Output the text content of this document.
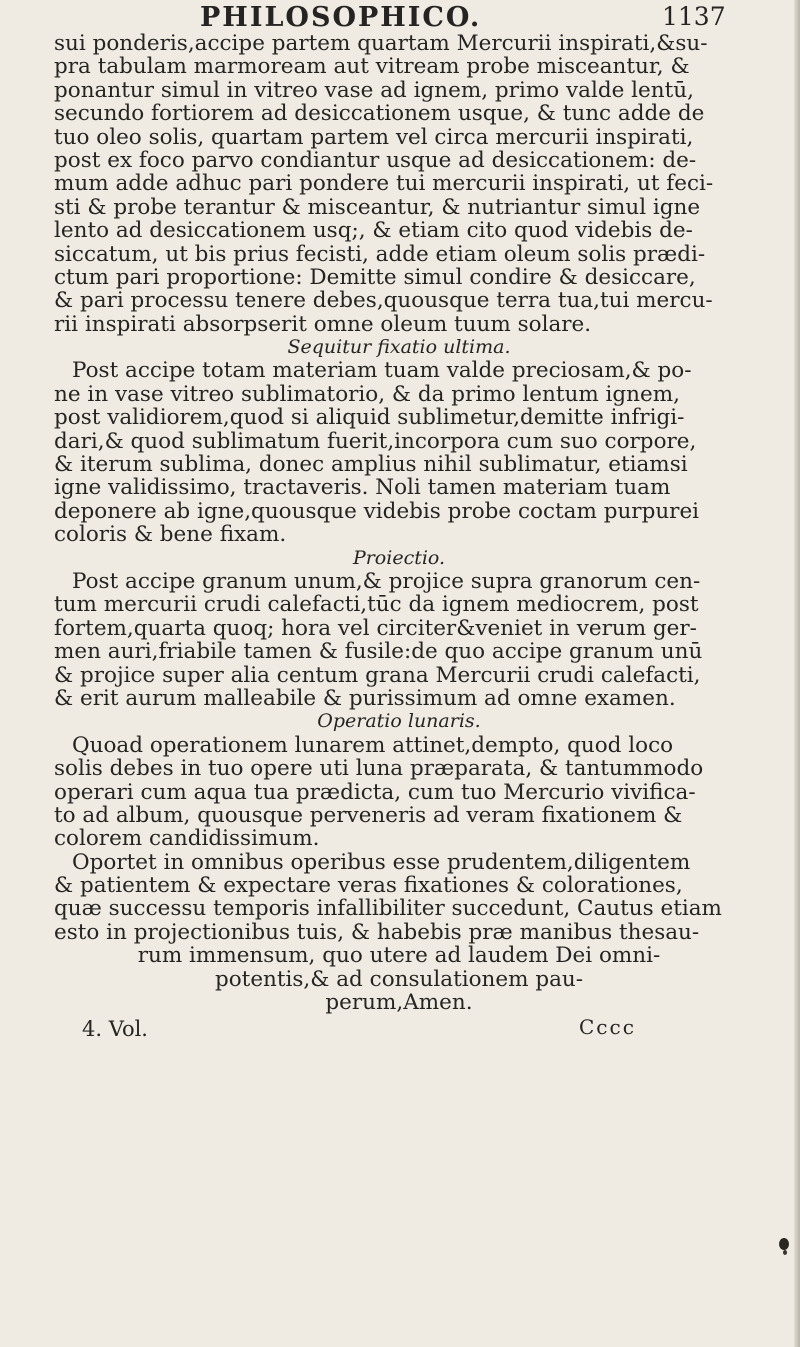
PHILOSOPHICO.	1137
sui ponderis,accipe partem quartam Mercurii inspirati,&su-
pra tabulam marmoream aut vitream probe misceantur, &
ponantur simul in vitreo vase ad ignem, primo valde lentū,
secundo fortiorem ad desiccationem usque, & tunc adde de
tuo oleo solis, quartam partem vel circa mercurii inspirati,
post ex foco parvo condiantur usque ad desiccationem: de-
mum adde adhuc pari pondere tui mercurii inspirati, ut feci-
sti & probe terantur & misceantur, & nutriantur simul igne
lento ad desiccationem usq;, & etiam cito quod videbis de-
siccatum, ut bis prius fecisti, adde etiam oleum solis prædi-
ctum pari proportione: Demitte simul condire & desiccare,
& pari processu tenere debes,quousque terra tua,tui mercu-
rii inspirati absorpserit omne oleum tuum solare.
Sequitur fixatio ultima.
Post accipe totam materiam tuam valde preciosam,& po-
ne in vase vitreo sublimatorio, & da primo lentum ignem,
post validiorem,quod si aliquid sublimetur,demitte infrigi-
dari,& quod sublimatum fuerit,incorpora cum suo corpore,
& iterum sublima, donec amplius nihil sublimatur, etiamsi
igne validissimo, tractaveris. Noli tamen materiam tuam
deponere ab igne,quousque videbis probe coctam purpurei
coloris & bene fixam.
Proiectio.
Post accipe granum unum,& projice supra granorum cen-
tum mercurii crudi calefacti,tūc da ignem mediocrem, post
fortem,quarta quoq; hora vel circiter&veniet in verum ger-
men auri,friabile tamen & fusile:de quo accipe granum unū
& projice super alia centum grana Mercurii crudi calefacti,
& erit aurum malleabile & purissimum ad omne examen.
Operatio lunaris.
Quoad operationem lunarem attinet,dempto, quod loco
solis debes in tuo opere uti luna præparata, & tantummodo
operari cum aqua tua prædicta, cum tuo Mercurio vivifica-
to ad album, quousque perveneris ad veram fixationem &
colorem candidissimum.
Oportet in omnibus operibus esse prudentem,diligentem
& patientem & expectare veras fixationes & colorationes,
quæ successu temporis infallibiliter succedunt, Cautus etiam
esto in projectionibus tuis, & habebis præ manibus thesau-
rum immensum, quo utere ad laudem Dei omni-
potentis,& ad consulationem pau-
perum,Amen.
4. Vol.	Cccc
